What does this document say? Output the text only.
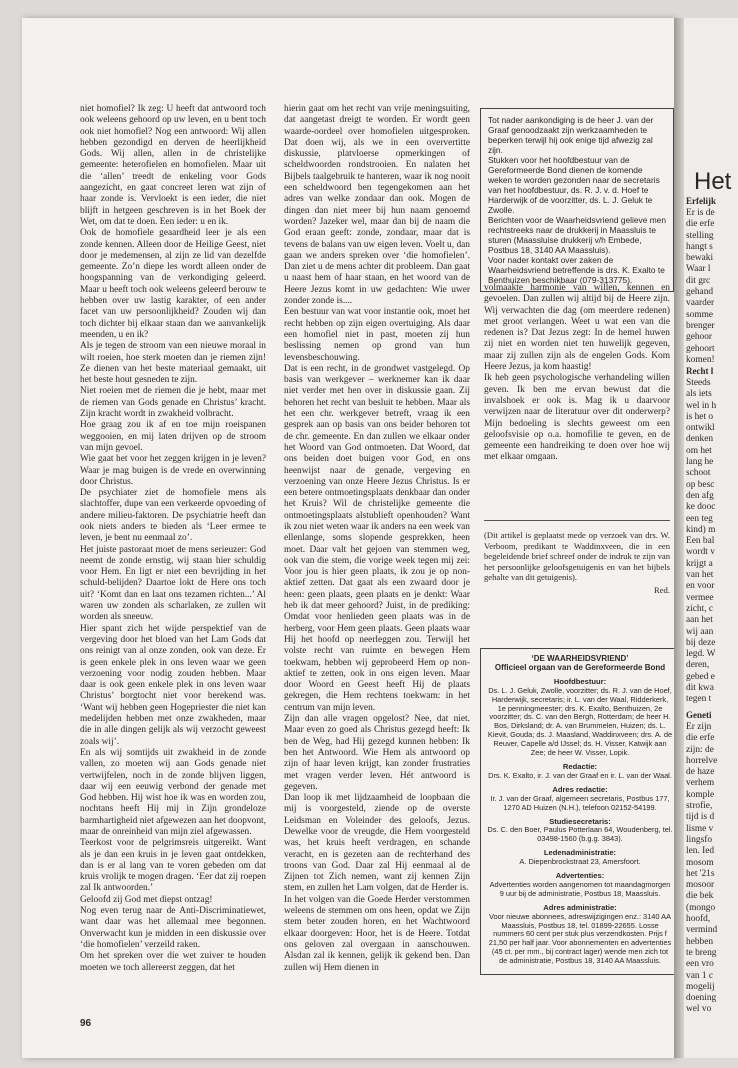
niet homofiel? Ik zeg: U heeft dat antwoord toch ook weleens gehoord op uw leven, en u bent toch ook niet homofiel? Nog een antwoord: Wij allen hebben gezondigd en derven de heerlijkheid Gods. Wij allen, allen in de christelijke gemeente: heterofielen en homofielen. Maar uit die ‘allen’ treedt de enkeling voor Gods aangezicht, en gaat concreet leren wat zijn of haar zonde is. Vervloekt is een ieder, die niet blijft in hetgeen geschreven is in het Boek der Wet, om dat te doen. Een ieder: u en ik.

Ook de homofiele geaardheid leer je als een zonde kennen. Alleen door de Heilige Geest, niet door je medemensen, al zijn ze lid van dezelfde gemeente. Zo’n diepe les wordt alleen onder de hoogspanning van de verkondiging geleerd. Maar u heeft toch ook weleens geleerd berouw te hebben over uw lastig karakter, of een ander facet van uw persoonlijkheid? Zouden wij dan toch dichter bij elkaar staan dan we aanvankelijk meenden, u en ik?

Als je tegen de stroom van een nieuwe moraal in wilt roeien, hoe sterk moeten dan je riemen zijn! Ze dienen van het beste materiaal gemaakt, uit het beste hout gesneden te zijn.

Niet roeien met de riemen die je hebt, maar met de riemen van Gods genade en Christus’ kracht. Zijn kracht wordt in zwakheid volbracht.

Hoe graag zou ik af en toe mijn roeispanen weggooien, en mij laten drijven op de stroom van mijn gevoel.

Wie gaat het voor het zeggen krijgen in je leven? Waar je mag buigen is de vrede en overwinning door Christus.

De psychiater ziet de homofiele mens als slachtoffer, dupe van een verkeerde opvoeding of andere milieu-faktoren. De psychiatrie heeft dan ook niets anders te bieden als ‘Leer ermee te leven, je bent nu eenmaal zo’.

Het juiste pastoraat moet de mens serieuzer: God neemt de zonde ernstig, wij staan hier schuldig voor Hem. En ligt er niet een bevrijding in het schuld-belijden? Daartoe lokt de Here ons toch uit? ‘Komt dan en laat ons tezamen richten...’ Al waren uw zonden als scharlaken, ze zullen wit worden als sneeuw.

Hier spant zich het wijde perspektief van de vergeving door het bloed van het Lam Gods dat ons reinigt van al onze zonden, ook van deze. Er is geen enkele plek in ons leven waar we geen verzoening voor nodig zouden hebben. Maar daar is ook geen enkele plek in ons leven waar Christus’ borgtocht niet voor berekend was. ‘Want wij hebben geen Hogepriester die niet kan medelijden hebben met onze zwakheden, maar die in alle dingen gelijk als wij verzocht geweest zoals wij’.

En als wij somtijds uit zwakheid in de zonde vallen, zo moeten wij aan Gods genade niet vertwijfelen, noch in de zonde blijven liggen, daar wij een eeuwig verbond der genade met God hebben. Hij wist hoe ik was en worden zou, nochtans heeft Hij mij in Zijn grondeloze barmhartigheid niet afgewezen aan het doopvont, maar de onreinheid van mijn ziel afgewassen.

Teerkost voor de pelgrimsreis uitgereikt. Want als je dan een kruis in je leven gaat ontdekken, dan is er al lang van te voren gebeden om dat kruis vrolijk te mogen dragen. ‘Eer dat zij roepen zal Ik antwoorden.’

Geloofd zij God met diepst ontzag!

Nog even terug naar de Anti-Discriminatiewet, want daar was het allemaal mee begonnen. Onverwacht kun je midden in een diskussie over ‘die homofielen’ verzeild raken.

Om het spreken over die wet zuiver te houden moeten we toch allereerst zeggen, dat het

hierin gaat om het recht van vrije meningsuiting, dat aangetast dreigt te worden. Er wordt geen waarde-oordeel over homofielen uitgesproken. Dat doen wij, als we in een oververtitte diskussie, platvloerse opmerkingen of scheldwoorden rondstrooien. En nalaten het Bijbels taalgebruik te hanteren, waar ik nog nooit een scheldwoord ben tegengekomen aan het adres van welke zondaar dan ook. Mogen de dingen dan niet meer bij hun naam genoemd worden? Jazeker wel, maar dan bij de naam die God eraan geeft: zonde, zondaar, maar dat is tevens de balans van uw eigen leven. Voelt u, dan gaan we anders spreken over ‘die homofielen’. Dan ziet u de mens achter dit probleem. Dan gaat u naast hem of haar staan, en het woord van de Heere Jezus komt in uw gedachten: Wie uwer zonder zonde is....

Een bestuur van wat voor instantie ook, moet het recht hebben op zijn eigen overtuiging. Als daar een homofiel niet in past, moeten zij hun beslissing nemen op grond van hun levensbeschouwing.

Dat is een recht, in de grondwet vastgelegd. Op basis van werkgever – werknemer kan ik daar niet verder met hen over in diskussie gaan. Zij behoren het recht van besluit te hebben. Maar als het een chr. werkgever betreft, vraag ik een gesprek aan op basis van ons beider behoren tot de chr. gemeente. En dan zullen we elkaar onder het Woord van God ontmoeten. Dat Woord, dat ons beiden doet buigen voor God, en ons heenwijst naar de genade, vergeving en verzoening van onze Heere Jezus Christus. Is er een betere ontmoetingsplaats denkbaar dan onder het Kruis? Wil de christelijke gemeente die ontmoetingsplaats alstublieft openhouden? Want ik zou niet weten waar ik anders na een week van ellenlange, soms slopende gesprekken, heen moet. Daar valt het gejoen van stemmen weg, ook van die stem, die vorige week tegen mij zei: Voor jou is hier geen plaats, ik zou je op non-aktief zetten. Dat gaat als een zwaard door je heen: geen plaats, geen plaats en je denkt: Waar heb ik dat meer gehoord? Juist, in de prediking: Omdat voor henlieden geen plaats was in de herberg, voor Hem geen plaats. Geen plaats waar Hij het hoofd op neerleggen zou. Terwijl het volste recht van ruimte en bewegen Hem toekwam, hebben wij geprobeerd Hem op non-aktief te zetten, ook in ons eigen leven. Maar door Woord en Geest heeft Hij de plaats gekregen, die Hem rechtens toekwam: in het centrum van mijn leven.

Zijn dan alle vragen opgelost? Nee, dat niet. Maar even zo goed als Christus gezegd heeft: Ik ben de Weg, had Hij gezegd kunnen hebben: Ik ben het Antwoord. Wie Hem als antwoord op zijn of haar leven krijgt, kan zonder frustraties met vragen verder leven. Hét antwoord is gegeven.

Dan loop ik met lijdzaamheid de loopbaan die mij is voorgesteld, ziende op de overste Leidsman en Voleinder des geloofs, Jezus. Dewelke voor de vreugde, die Hem voorgesteld was, het kruis heeft verdragen, en schande veracht, en is gezeten aan de rechterhand des troons van God. Daar zal Hij eenmaal al de Zijnen tot Zich nemen, want zij kennen Zijn stem, en zullen het Lam volgen, dat de Herder is.

In het volgen van die Goede Herder verstommen weleens de stemmen om ons heen, opdat we Zijn stem beter zouden horen, en het Wachtwoord elkaar doorgeven: Hoor, het is de Heere. Totdat ons geloven zal overgaan in aanschouwen. Alsdan zal ik kennen, gelijk ik gekend ben. Dan zullen wij Hem dienen in

Tot nader aankondiging is de heer J. van der Graaf genoodzaakt zijn werkzaamheden te beperken terwijl hij ook enige tijd afwezig zal zijn.

Stukken voor het hoofdbestuur van de Gereformeerde Bond dienen de komende weken te worden gezonden naar de secretaris van het hoofdbestuur, ds. R. J. v. d. Hoef te Harderwijk of de voorzitter, ds. L. J. Geluk te Zwolle.

Berichten voor de Waarheidsvriend gelieve men rechtstreeks naar de drukkerij in Maassluis te sturen (Maassluise drukkerij v/h Embede, Postbus 18, 3140 AA Maassluis).

Voor nader kontakt over zaken de Waarheidsvriend betreffende is drs. K. Exalto te Benthuizen beschikbaar (079-313775).

volmaakte harmonie van willen, kennen en gevoelen. Dan zullen wij altijd bij de Heere zijn. Wij verwachten die dag (om meerdere redenen) met groot verlangen. Weet u wat een van die redenen is? Dat Jezus zegt: In de hemel huwen zij niet en worden niet ten huwelijk gegeven, maar zij zullen zijn als de engelen Gods. Kom Heere Jezus, ja kom haastig!

Ik heb geen psychologische verhandeling willen geven. Ik ben me ervan bewust dat die invalshoek er ook is. Mag ik u daarvoor verwijzen naar de literatuur over dit onderwerp? Mijn bedoeling is slechts geweest om een geloofsvisie op o.a. homofilie te geven, en de gemeente een handreiking te doen over hoe wij met elkaar omgaan.

(Dit artikel is geplaatst mede op verzoek van drs. W. Verboom, predikant te Waddinxveen, die in een begeleidende brief schreef onder de indruk te zijn van het persoonlijke geloofsgetuigenis en van het bijbels gehalte van dit getuigenis).
Red.

‘DE WAARHEIDSVRIEND’

Officieel orgaan van de Gereformeerde Bond

Hoofdbestuur:

Ds. L. J. Geluk, Zwolle, voorzitter; ds. R. J. van de Hoef, Harderwijk, secretaris; ir. L. van der Waal, Ridderkerk, 1e penningmeester; drs. K. Exalto, Benthuizen, 2e voorzitter; ds. C. van den Bergh, Rotterdam; de heer H. Bos, Dirksland; dr. A. van Brummelen, Huizen; ds. L. Kievit, Gouda; ds. J. Maasland, Waddinxveen; drs. A. de Reuver, Capelle a/d IJssel; ds. H. Visser, Katwijk aan Zee; de heer W. Visser, Lopik.

Redactie:

Drs. K. Exalto, ir. J. van der Graaf en ir. L. van der Waal.

Adres redactie:

Ir. J. van der Graaf, algemeen secretaris, Postbus 177, 1270 AD Huizen (N.H.), telefoon 02152-54199.

Studiesecretaris:

Ds. C. den Boer, Paulus Potterlaan 64, Woudenberg, tel. 03498-1560 (b.g.g. 3843).

Ledenadministratie:

A. Diepenbrockstraat 23, Amersfoort.

Advertenties:

Advertenties worden aangenomen tot maandagmorgen 9 uur bij de administratie, Postbus 18, Maassluis.

Adres administratie:

Voor nieuwe abonnees, adreswijzigingen enz.: 3140 AA Maassluis, Postbus 18, tel. 01899-22655. Losse nummers 60 cent per stuk plus verzendkosten. Prijs f 21,50 per half jaar. Voor abonnementen en advertenties (45 ct. per mm., bij contract lager) wende men zich tot de administratie, Postbus 18, 3140 AA Maassluis.

96
Het
Erfelijk
Er is de
die erfe
stelling
hangt s
bewaki
Waar l
dit grc
gehand
vaarder
somme
brenger
gehoor
gehoort
komen!
Recht l
Steeds
als iets
wel in h
is het o
ontwikl
denken
om het
lang he
schoot
op besc
den afg
ke dooc
een teg
kind) m
Een bal
wordt v
krijgt a
van het
en voor
vermee
zicht, c
aan het
wij aan
bij deze
legd. W
deren,
gebed e
dit kwa
tegen t
Geneti
Er zijn
die erfe
zijn: de
horrelve
de haze
verhem
komple
strofie,
tijd is d
lisme v
lingsfo
len. Ied
mosom
het '21s
mosoor
die bek
(mongo
hoofd,
vermind
hebben
te breng
een vro
van 1 c
mogelij
doening
wel vo
